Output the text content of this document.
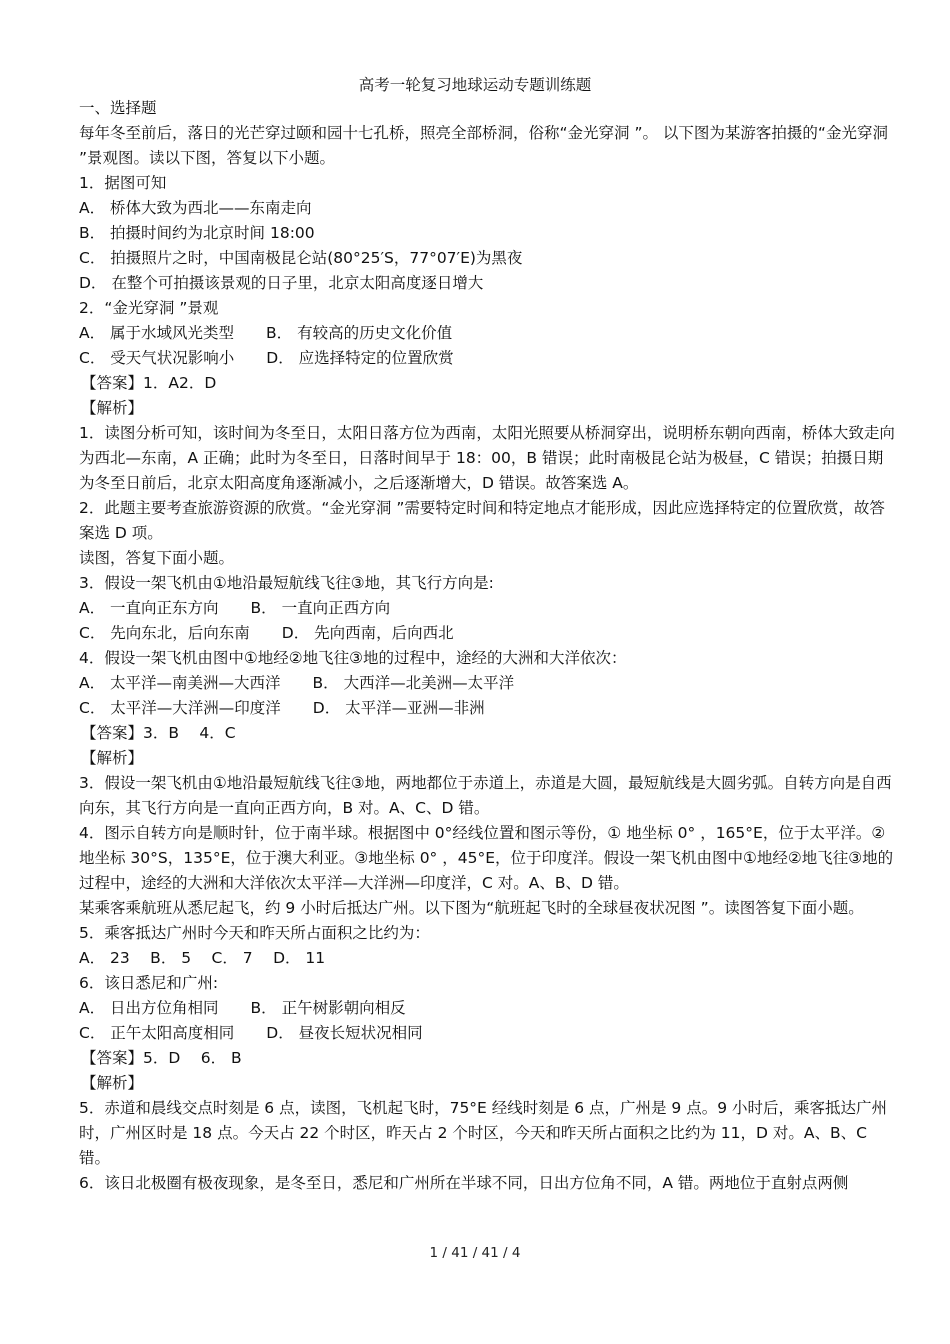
高考一轮复习地球运动专题训练题

一、选择题

每年冬至前后，落日的光芒穿过颐和园十七孔桥，照亮全部桥洞，俗称“金光穿洞 ”。 以下图为某游客拍摄的“金光穿洞 ”景观图。读以下图，答复以下小题。

1．据图可知

A． 桥体大致为西北——东南走向

B． 拍摄时间约为北京时间 18:00

C． 拍摄照片之时，中国南极昆仑站(80°25′S，77°07′E)为黑夜

D． 在整个可拍摄该景观的日子里，北京太阳高度逐日增大

2．“金光穿洞 ”景观

A． 属于水域风光类型 B． 有较高的历史文化价值

C． 受天气状况影响小 D． 应选择特定的位置欣赏

【答案】1．A2．D

【解析】

1．读图分析可知，该时间为冬至日，太阳日落方位为西南，太阳光照要从桥洞穿出，说明桥东朝向西南，桥体大致走向为西北—东南，A 正确；此时为冬至日，日落时间早于 18：00，B 错误；此时南极昆仑站为极昼，C 错误；拍摄日期为冬至日前后，北京太阳高度角逐渐减小，之后逐渐增大，D 错误。故答案选 A。

2．此题主要考查旅游资源的欣赏。“金光穿洞 ”需要特定时间和特定地点才能形成，因此应选择特定的位置欣赏，故答案选 D 项。

读图，答复下面小题。

3．假设一架飞机由①地沿最短航线飞往③地，其飞行方向是:

A． 一直向正东方向 B． 一直向正西方向

C． 先向东北，后向东南 D． 先向西南，后向西北

4．假设一架飞机由图中①地经②地飞往③地的过程中，途经的大洲和大洋依次：

A． 太平洋—南美洲—大西洋 B． 大西洋—北美洲—太平洋

C． 太平洋—大洋洲—印度洋 D． 太平洋—亚洲—非洲

【答案】3．B　 4．C

【解析】

3．假设一架飞机由①地沿最短航线飞往③地，两地都位于赤道上，赤道是大圆，最短航线是大圆劣弧。自转方向是自西向东，其飞行方向是一直向正西方向，B 对。A、C、D 错。

4．图示自转方向是顺时针，位于南半球。根据图中 0°经线位置和图示等份，① 地坐标 0° ，165°E，位于太平洋。②地坐标 30°S，135°E，位于澳大利亚。③地坐标 0° ，45°E，位于印度洋。假设一架飞机由图中①地经②地飞往③地的过程中，途经的大洲和大洋依次太平洋—大洋洲—印度洋，C 对。A、B、D 错。

某乘客乘航班从悉尼起飞，约 9 小时后抵达广州。以下图为“航班起飞时的全球昼夜状况图 ”。读图答复下面小题。

5．乘客抵达广州时今天和昨天所占面积之比约为：

A． 23　 B． 5　 C． 7　 D． 11

6．该日悉尼和广州:

A． 日出方位角相同 B． 正午树影朝向相反

C． 正午太阳高度相同 D． 昼夜长短状况相同

【答案】5．D　 6． B

【解析】

5．赤道和晨线交点时刻是 6 点，读图，飞机起飞时，75°E 经线时刻是 6 点，广州是 9 点。9 小时后，乘客抵达广州时，广州区时是 18 点。今天占 22 个时区，昨天占 2 个时区，今天和昨天所占面积之比约为 11，D 对。A、B、C 错。

6．该日北极圈有极夜现象，是冬至日，悉尼和广州所在半球不同，日出方位角不同，A 错。两地位于直射点两侧

1 / 41 / 41 / 4
